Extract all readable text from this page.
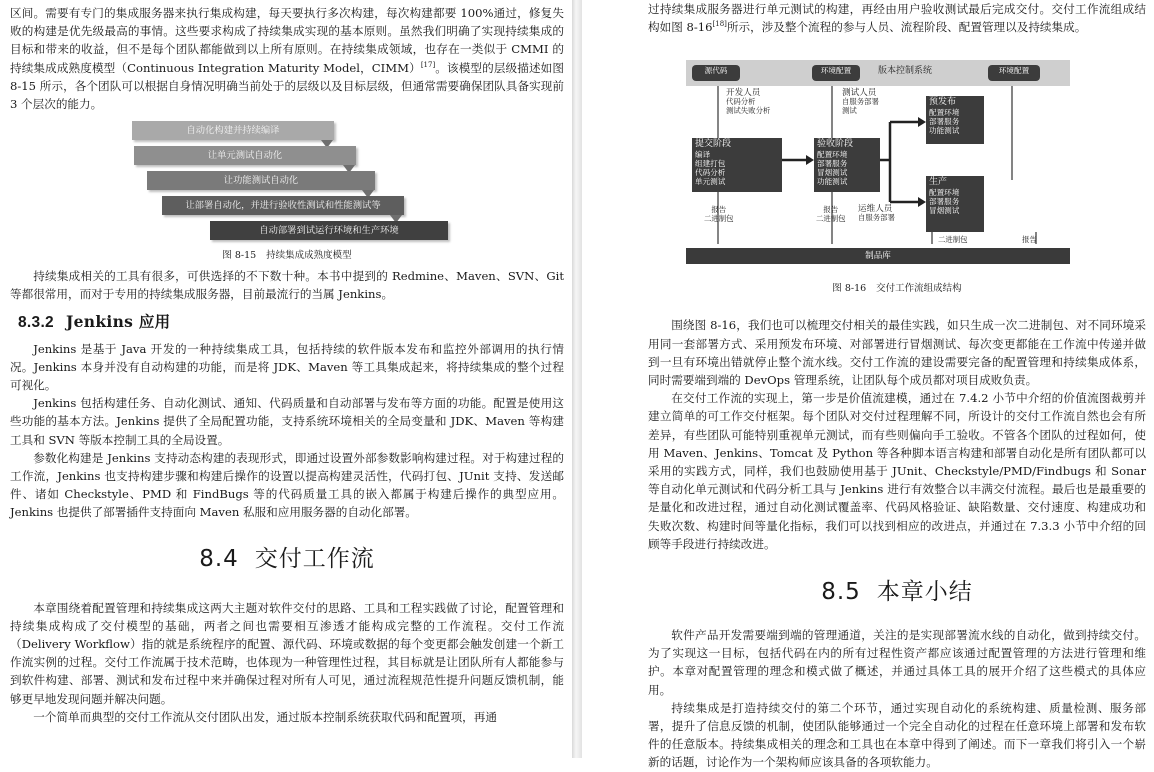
区间。需要有专门的集成服务器来执行集成构建，每天要执行多次构建，每次构建都要 100%通过，修复失败的构建是优先级最高的事情。这些要求构成了持续集成实现的基本原则。虽然我们明确了实现持续集成的目标和带来的收益，但不是每个团队都能做到以上所有原则。在持续集成领域，也存在一类似于 CMMI 的持续集成成熟度模型（Continuous Integration Maturity Model，CIMM）[17]。该模型的层级描述如图 8-15 所示，各个团队可以根据自身情况明确当前处于的层级以及目标层级，但通常需要确保团队具备实现前 3 个层次的能力。

自动化构建并持续编译
让单元测试自动化
让功能测试自动化
让部署自动化，并进行验收性测试和性能测试等
自动部署到试运行环境和生产环境
图 8-15 持续集成成熟度模型

持续集成相关的工具有很多，可供选择的不下数十种。本书中提到的 Redmine、Maven、SVN、Git 等都很常用，而对于专用的持续集成服务器，目前最流行的当属 Jenkins。

8.3.2 Jenkins 应用

Jenkins 是基于 Java 开发的一种持续集成工具，包括持续的软件版本发布和监控外部调用的执行情况。Jenkins 本身并没有自动构建的功能，而是将 JDK、Maven 等工具集成起来，将持续集成的整个过程可视化。

Jenkins 包括构建任务、自动化测试、通知、代码质量和自动部署与发布等方面的功能。配置是使用这些功能的基本方法。Jenkins 提供了全局配置功能，支持系统环境相关的全局变量和 JDK、Maven 等构建工具和 SVN 等版本控制工具的全局设置。

参数化构建是 Jenkins 支持动态构建的表现形式，即通过设置外部参数影响构建过程。对于构建过程的工作流，Jenkins 也支持构建步骤和构建后操作的设置以提高构建灵活性，代码打包、JUnit 支持、发送邮件、诸如 Checkstyle、PMD 和 FindBugs 等的代码质量工具的嵌入都属于构建后操作的典型应用。Jenkins 也提供了部署插件支持面向 Maven 私服和应用服务器的自动化部署。

8.4 交付工作流

本章围绕着配置管理和持续集成这两大主题对软件交付的思路、工具和工程实践做了讨论，配置管理和持续集成构成了交付模型的基础，两者之间也需要相互渗透才能构成完整的工作流程。交付工作流（Delivery Workflow）指的就是系统程序的配置、源代码、环境或数据的每个变更都会触发创建一个新工作流实例的过程。交付工作流属于技术范畴，也体现为一种管理性过程，其目标就是让团队所有人都能参与到软件构建、部署、测试和发布过程中来并确保过程对所有人可见，通过流程规范性提升问题反馈机制，能够更早地发现问题并解决问题。

一个简单而典型的交付工作流从交付团队出发，通过版本控制系统获取代码和配置项，再通

过持续集成服务器进行单元测试的构建，再经由用户验收测试最后完成交付。交付工作流组成结构如图 8-16[18]所示，涉及整个流程的参与人员、流程阶段、配置管理以及持续集成。

源代码	环境配置	版本控制系统	环境配置
开发人员
代码分析
测试失败分析
测试人员
自服务部署
测试
提交阶段
编译
组建打包
代码分析
单元测试
验收阶段
配置环境
部署服务
冒烟测试
功能测试
预发布
配置环境
部署服务
功能测试
生产
配置环境
部署服务
冒烟测试
报告
二进制包
报告
二进制包
运维人员
自服务部署
二进制包	报告
制品库
图 8-16 交付工作流组成结构

围绕图 8-16，我们也可以梳理交付相关的最佳实践，如只生成一次二进制包、对不同环境采用同一套部署方式、采用预发布环境、对部署进行冒烟测试、每次变更都能在工作流中传递并做到一旦有环境出错就停止整个流水线。交付工作流的建设需要完备的配置管理和持续集成体系，同时需要端到端的 DevOps 管理系统，让团队每个成员都对项目成败负责。

在交付工作流的实现上，第一步是价值流建模，通过在 7.4.2 小节中介绍的价值流图裁剪并建立简单的可工作交付框架。每个团队对交付过程理解不同，所设计的交付工作流自然也会有所差异，有些团队可能特别重视单元测试，而有些则偏向手工验收。不管各个团队的过程如何，使用 Maven、Jenkins、Tomcat 及 Python 等各种脚本语言构建和部署自动化是所有团队都可以采用的实践方式，同样，我们也鼓励使用基于 JUnit、Checkstyle/PMD/Findbugs 和 Sonar 等自动化单元测试和代码分析工具与 Jenkins 进行有效整合以丰满交付流程。最后也是最重要的是量化和改进过程，通过自动化测试覆盖率、代码风格验证、缺陷数量、交付速度、构建成功和失败次数、构建时间等量化指标，我们可以找到相应的改进点，并通过在 7.3.3 小节中介绍的回顾等手段进行持续改进。

8.5 本章小结

软件产品开发需要端到端的管理通道，关注的是实现部署流水线的自动化，做到持续交付。为了实现这一目标，包括代码在内的所有过程性资产都应该通过配置管理的方法进行管理和维护。本章对配置管理的理念和模式做了概述，并通过具体工具的展开介绍了这些模式的具体应用。

持续集成是打造持续交付的第二个环节，通过实现自动化的系统构建、质量检测、服务部署，提升了信息反馈的机制，使团队能够通过一个完全自动化的过程在任意环境上部署和发布软件的任意版本。持续集成相关的理念和工具也在本章中得到了阐述。而下一章我们将引入一个崭新的话题，讨论作为一个架构师应该具备的各项软能力。
